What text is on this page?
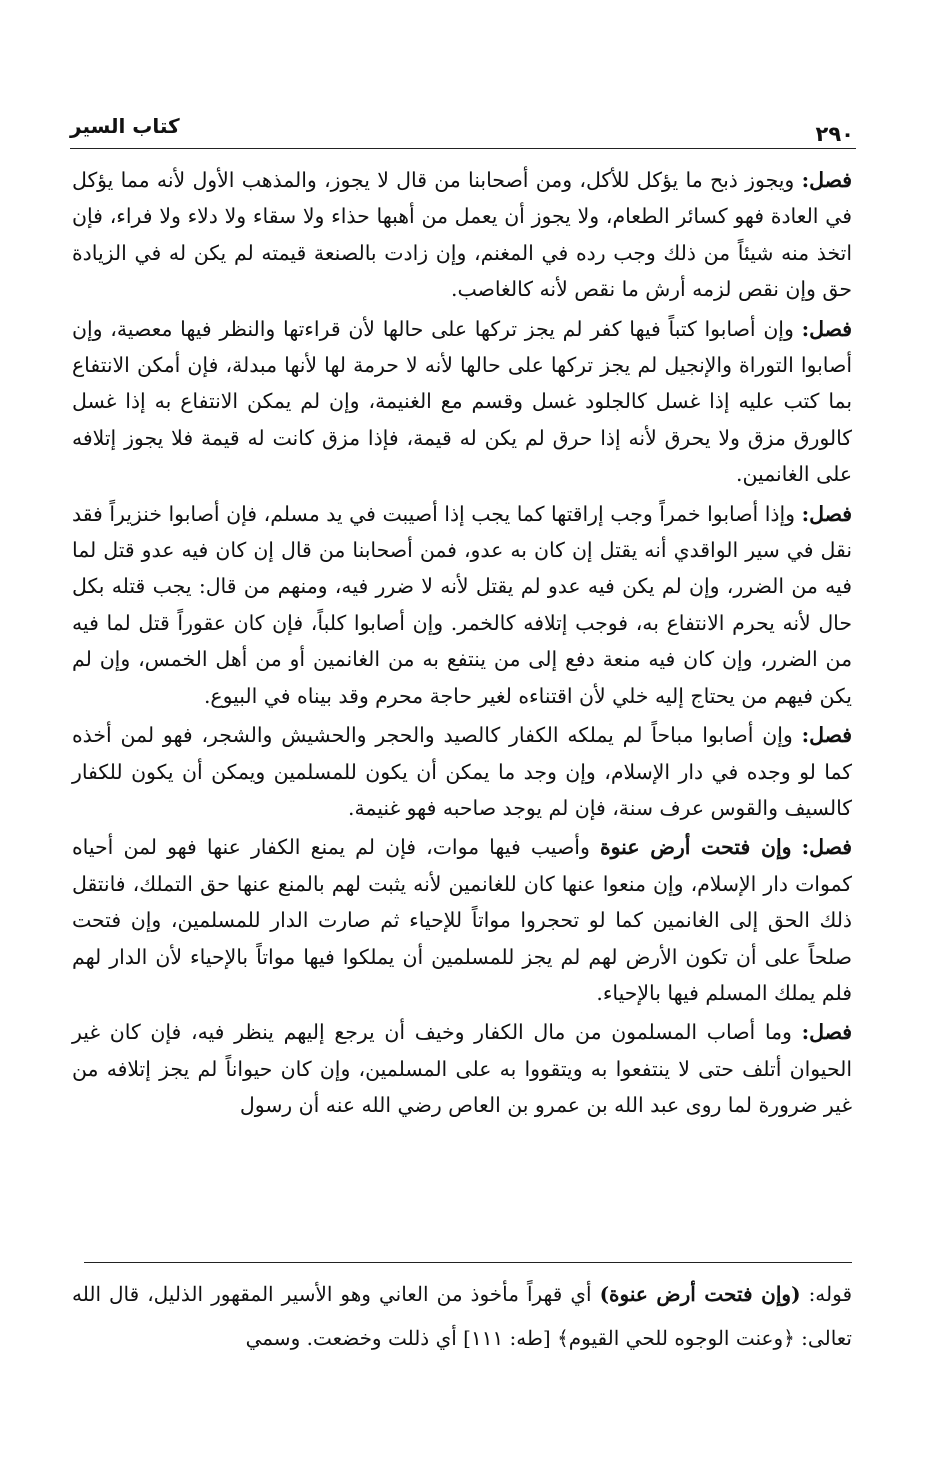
٢٩٠
كتاب السير

فصل: ويجوز ذبح ما يؤكل للأكل، ومن أصحابنا من قال لا يجوز، والمذهب الأول لأنه مما يؤكل في العادة فهو كسائر الطعام، ولا يجوز أن يعمل من أهبها حذاء ولا سقاء ولا دلاء ولا فراء، فإن اتخذ منه شيئاً من ذلك وجب رده في المغنم، وإن زادت بالصنعة قيمته لم يكن له في الزيادة حق وإن نقص لزمه أرش ما نقص لأنه كالغاصب.

فصل: وإن أصابوا كتباً فيها كفر لم يجز تركها على حالها لأن قراءتها والنظر فيها معصية، وإن أصابوا التوراة والإنجيل لم يجز تركها على حالها لأنه لا حرمة لها لأنها مبدلة، فإن أمكن الانتفاع بما كتب عليه إذا غسل كالجلود غسل وقسم مع الغنيمة، وإن لم يمكن الانتفاع به إذا غسل كالورق مزق ولا يحرق لأنه إذا حرق لم يكن له قيمة، فإذا مزق كانت له قيمة فلا يجوز إتلافه على الغانمين.

فصل: وإذا أصابوا خمراً وجب إراقتها كما يجب إذا أصيبت في يد مسلم، فإن أصابوا خنزيراً فقد نقل في سير الواقدي أنه يقتل إن كان به عدو، فمن أصحابنا من قال إن كان فيه عدو قتل لما فيه من الضرر، وإن لم يكن فيه عدو لم يقتل لأنه لا ضرر فيه، ومنهم من قال: يجب قتله بكل حال لأنه يحرم الانتفاع به، فوجب إتلافه كالخمر. وإن أصابوا كلباً، فإن كان عقوراً قتل لما فيه من الضرر، وإن كان فيه منعة دفع إلى من ينتفع به من الغانمين أو من أهل الخمس، وإن لم يكن فيهم من يحتاج إليه خلي لأن اقتناءه لغير حاجة محرم وقد بيناه في البيوع.

فصل: وإن أصابوا مباحاً لم يملكه الكفار كالصيد والحجر والحشيش والشجر، فهو لمن أخذه كما لو وجده في دار الإسلام، وإن وجد ما يمكن أن يكون للمسلمين ويمكن أن يكون للكفار كالسيف والقوس عرف سنة، فإن لم يوجد صاحبه فهو غنيمة.

فصل: وإن فتحت أرض عنوة وأصيب فيها موات، فإن لم يمنع الكفار عنها فهو لمن أحياه كموات دار الإسلام، وإن منعوا عنها كان للغانمين لأنه يثبت لهم بالمنع عنها حق التملك، فانتقل ذلك الحق إلى الغانمين كما لو تحجروا مواتاً للإحياء ثم صارت الدار للمسلمين، وإن فتحت صلحاً على أن تكون الأرض لهم لم يجز للمسلمين أن يملكوا فيها مواتاً بالإحياء لأن الدار لهم فلم يملك المسلم فيها بالإحياء.

فصل: وما أصاب المسلمون من مال الكفار وخيف أن يرجع إليهم ينظر فيه، فإن كان غير الحيوان أتلف حتى لا ينتفعوا به ويتقووا به على المسلمين، وإن كان حيواناً لم يجز إتلافه من غير ضرورة لما روى عبد الله بن عمرو بن العاص رضي الله عنه أن رسول

قوله: (وإن فتحت أرض عنوة) أي قهراً مأخوذ من العاني وهو الأسير المقهور الذليل، قال الله تعالى: ﴿وعنت الوجوه للحي القيوم﴾ [طه: ١١١] أي ذللت وخضعت. وسمي
